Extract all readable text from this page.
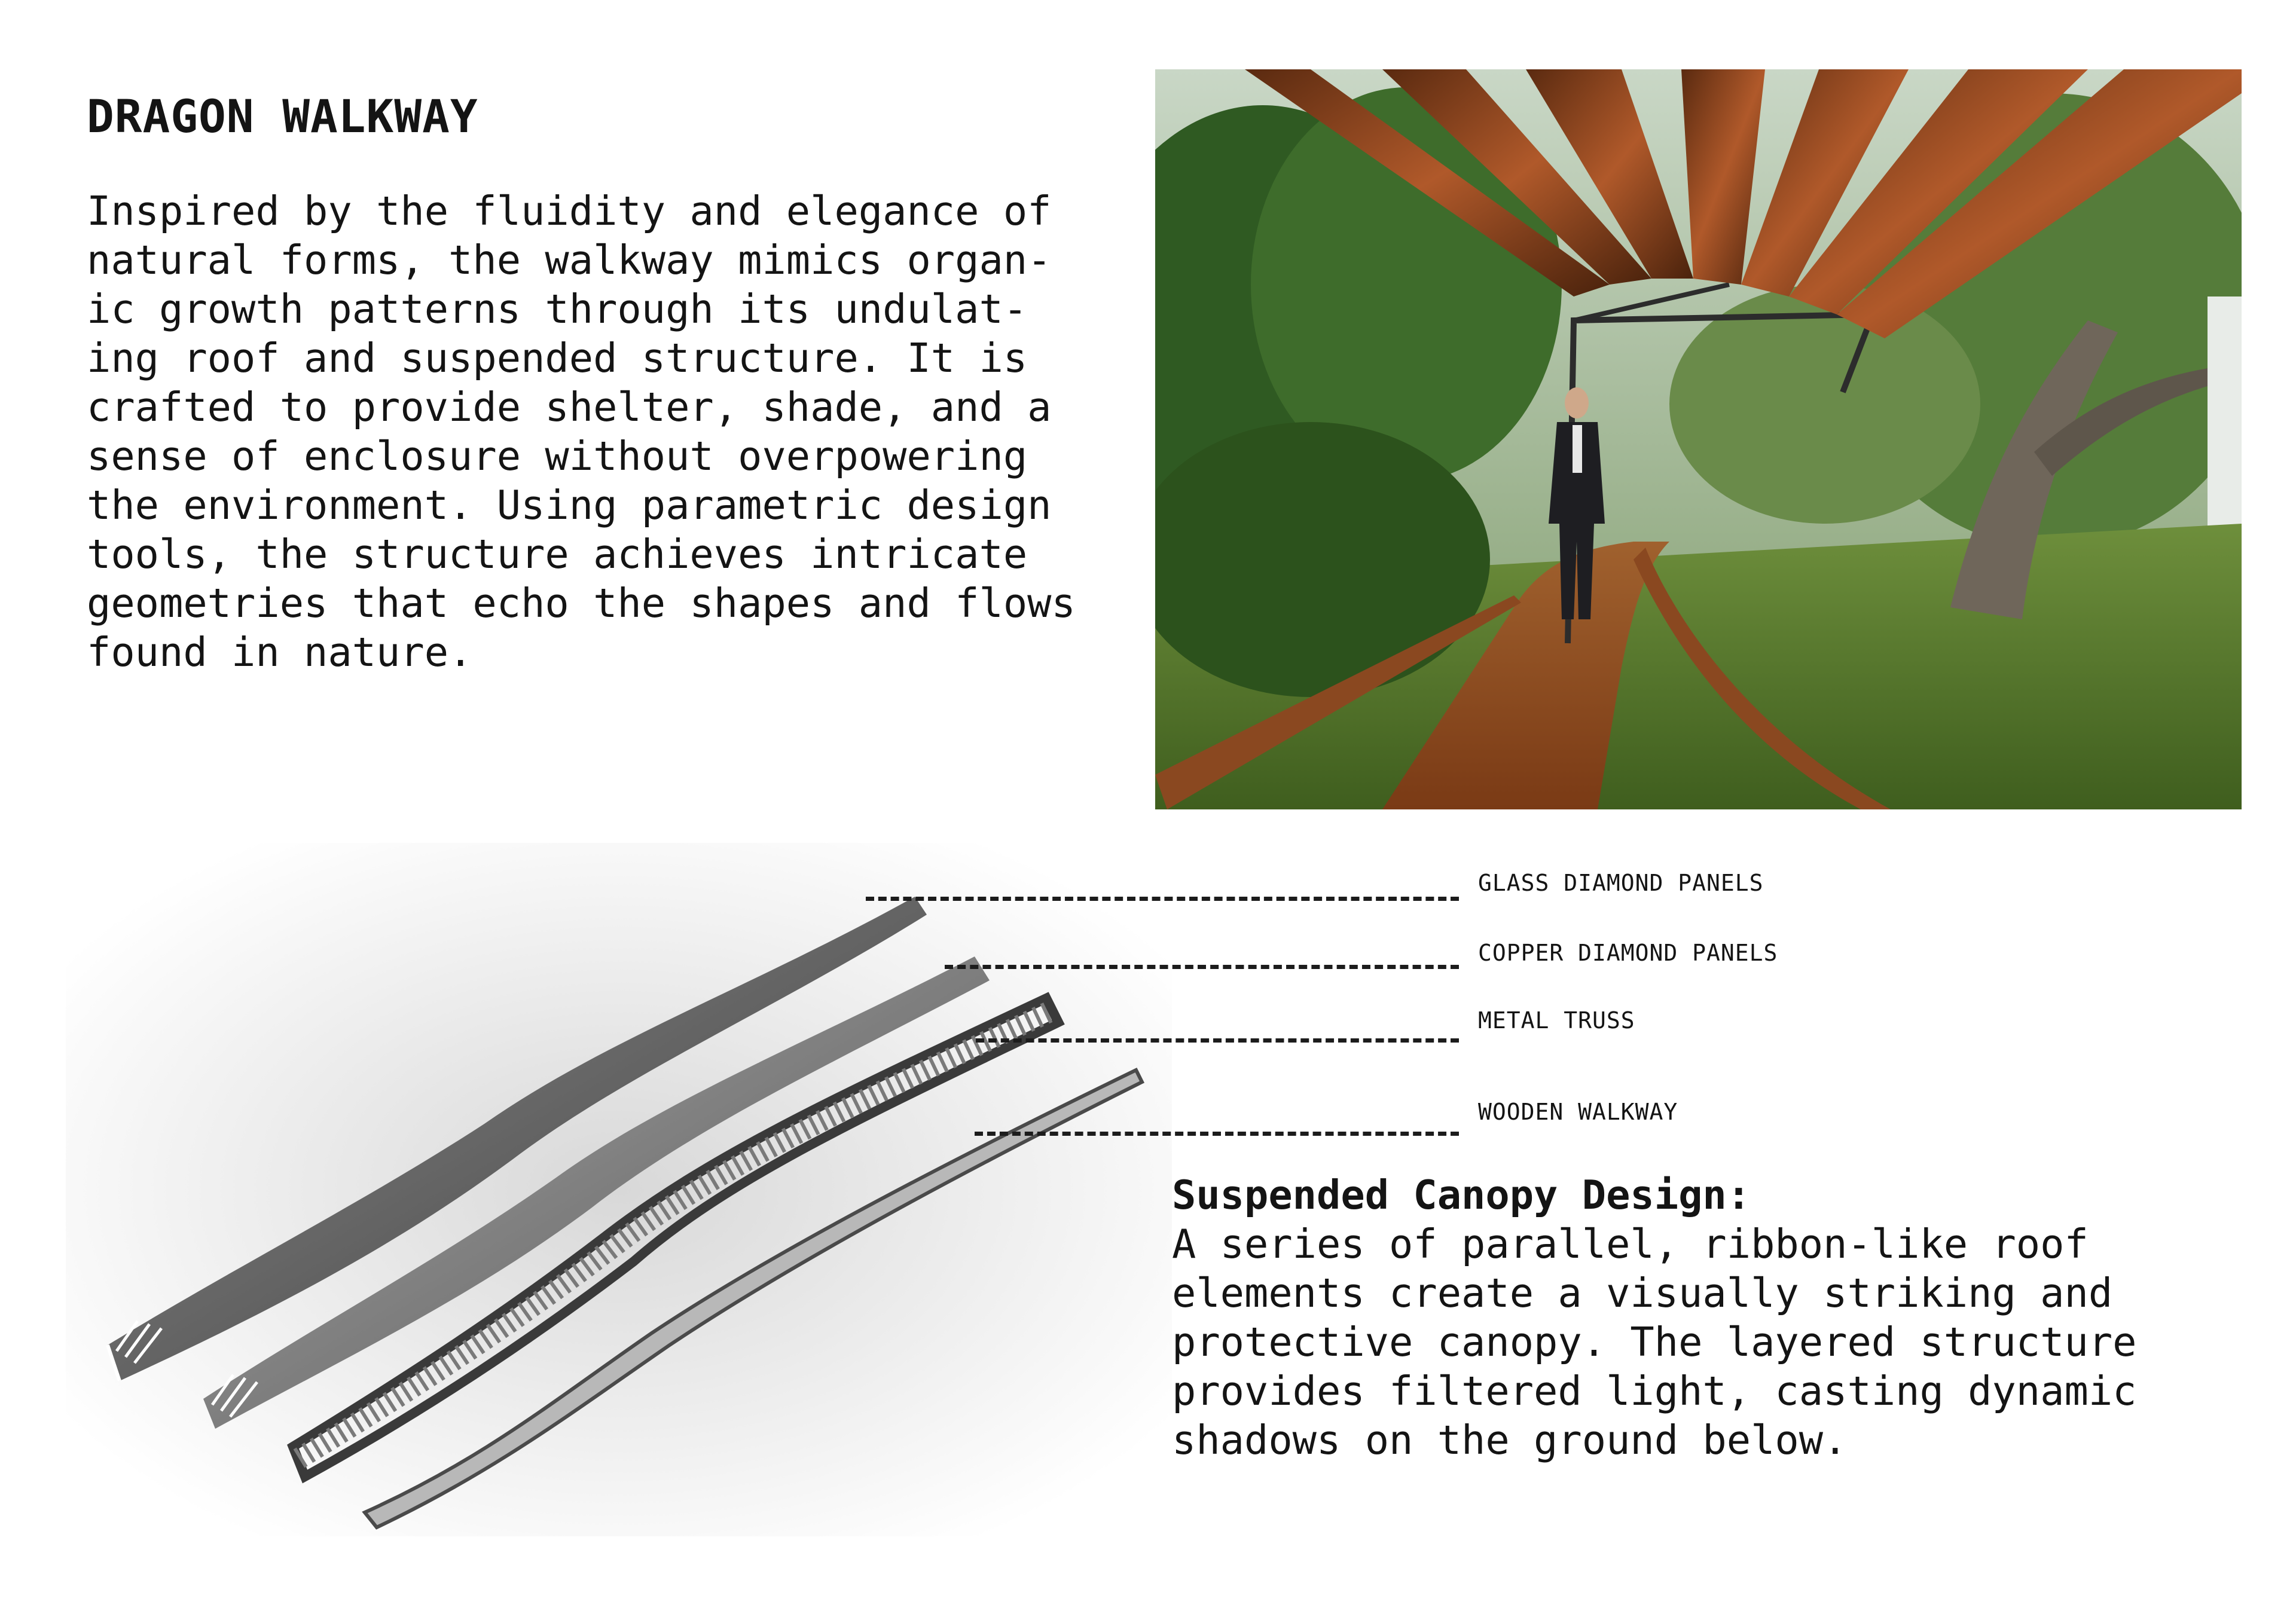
DRAGON WALKWAY

Inspired by the fluidity and elegance of
natural forms, the walkway mimics organ-
ic growth patterns through its undulat-
ing roof and suspended structure. It is
crafted to provide shelter, shade, and a
sense of enclosure without overpowering
the environment. Using parametric design
tools, the structure achieves intricate
geometries that echo the shapes and flows
found in nature.

GLASS DIAMOND PANELS

COPPER DIAMOND PANELS

METAL TRUSS

WOODEN WALKWAY

Suspended Canopy Design:
A series of parallel, ribbon-like roof
elements create a visually striking and
protective canopy. The layered structure
provides filtered light, casting dynamic
shadows on the ground below.
